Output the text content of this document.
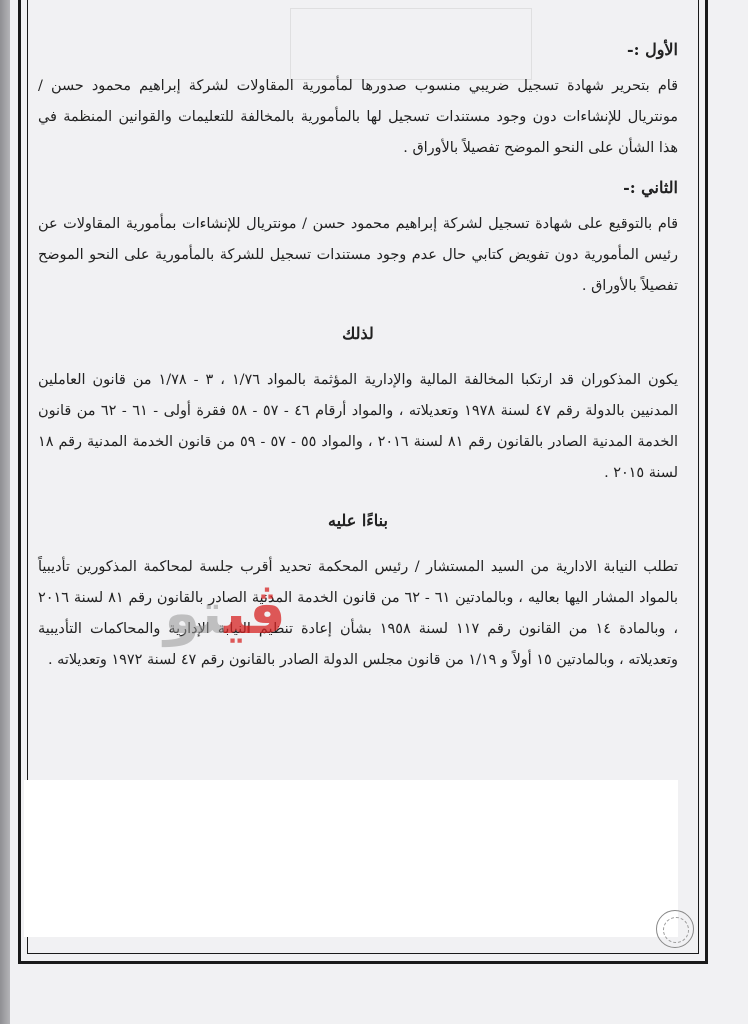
الأول :-

قام بتحرير شهادة تسجيل ضريبي منسوب صدورها لمأمورية المقاولات لشركة إبراهيم محمود حسن / مونتريال للإنشاءات دون وجود مستندات تسجيل لها بالمأمورية بالمخالفة للتعليمات والقوانين المنظمة في هذا الشأن على النحو الموضح تفصيلاً بالأوراق .

الثاني :-

قام بالتوقيع على شهادة تسجيل لشركة إبراهيم محمود حسن / مونتريال للإنشاءات بمأمورية المقاولات عن رئيس المأمورية دون تفويض كتابي حال عدم وجود مستندات تسجيل للشركة بالمأمورية على النحو الموضح تفصيلاً بالأوراق .

لذلك

يكون المذكوران قد ارتكبا المخالفة المالية والإدارية المؤثمة بالمواد ١/٧٦ ، ٣ - ١/٧٨ من قانون العاملين المدنيين بالدولة رقم ٤٧ لسنة ١٩٧٨ وتعديلاته ، والمواد أرقام ٤٦ - ٥٧ - ٥٨ فقرة أولى - ٦١ - ٦٢ من قانون الخدمة المدنية الصادر بالقانون رقم ٨١ لسنة ٢٠١٦ ، والمواد ٥٥ - ٥٧ - ٥٩ من قانون الخدمة المدنية رقم ١٨ لسنة ٢٠١٥ .

بناءًا عليه

تطلب النيابة الادارية من السيد المستشار / رئيس المحكمة تحديد أقرب جلسة لمحاكمة المذكورين تأديبياً بالمواد المشار اليها بعاليه ، وبالمادتين ٦١ - ٦٢ من قانون الخدمة المدنية الصادر بالقانون رقم ٨١ لسنة ٢٠١٦ ، وبالمادة ١٤ من القانون رقم ١١٧ لسنة ١٩٥٨ بشأن إعادة تنظيم النيابة الإدارية والمحاكمات التأديبية وتعديلاته ، وبالمادتين ١٥ أولاً و ١/١٩ من قانون مجلس الدولة الصادر بالقانون رقم ٤٧ لسنة ١٩٧٢ وتعديلاته .

ڤيتو
